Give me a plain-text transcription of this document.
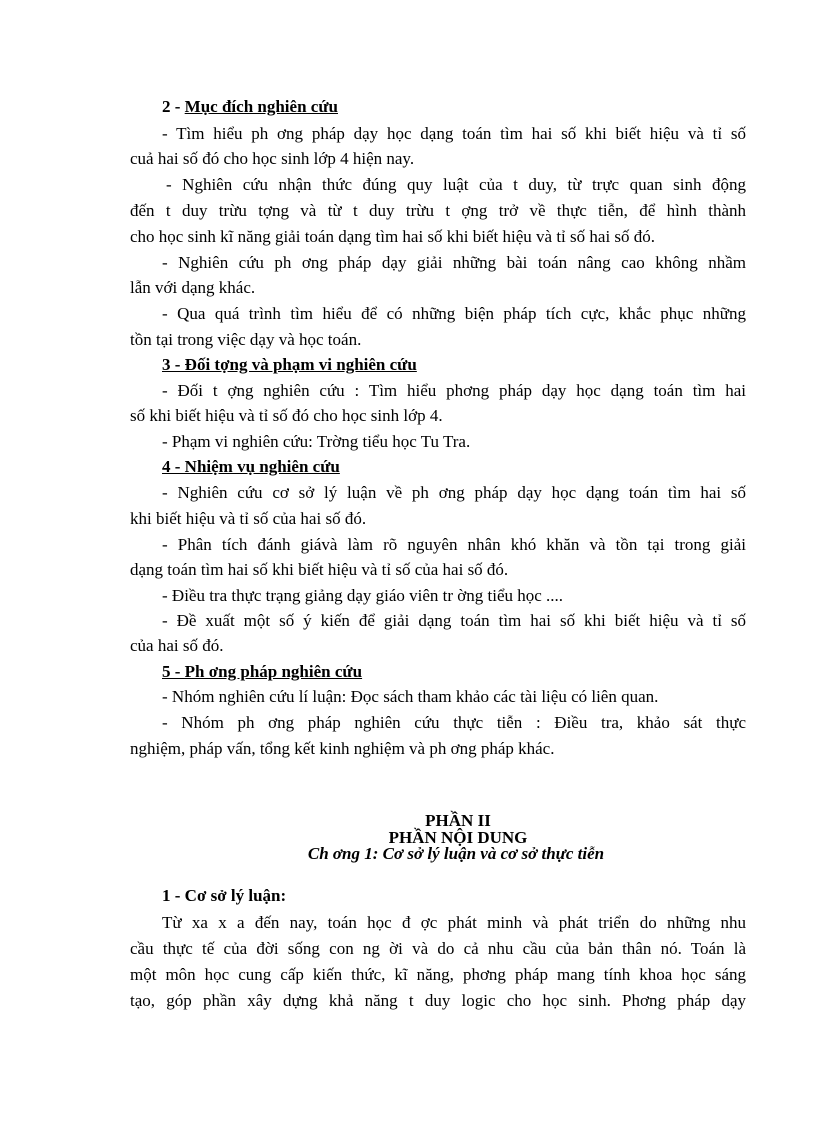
2 - Mục đích nghiên cứu
- Tìm hiểu ph ơng pháp dạy học dạng toán tìm hai số khi biết hiệu và tỉ số
cuả hai số đó cho học sinh lớp 4 hiện nay.
- Nghiên cứu nhận thức đúng quy luật của t duy, từ trực quan sinh động
đến t duy trừu tợng và từ t duy trừu t ợng trở về thực tiễn, để hình thành
cho học sinh kĩ năng giải toán dạng tìm hai số khi biết hiệu và tỉ số hai số đó.
- Nghiên cứu ph ơng pháp dạy giải những bài toán nâng cao không nhầm
lẫn với dạng khác.
- Qua quá trình tìm hiểu để có những biện pháp tích cực, khắc phục những
tồn tại trong việc dạy và học toán.
3 - Đối tợng và phạm vi nghiên cứu
- Đối t ợng nghiên cứu : Tìm hiểu phơng pháp dạy học dạng toán tìm hai
số khi biết hiệu và tỉ số đó cho học sinh lớp 4.
- Phạm vi nghiên cứu: Trờng tiểu học Tu Tra.
4 - Nhiệm vụ nghiên cứu
- Nghiên cứu cơ sở lý luận về ph ơng pháp dạy học dạng toán tìm hai số
khi biết hiệu và tỉ số của hai số đó.
- Phân tích đánh giávà làm rõ nguyên nhân khó khăn và tồn tại trong giải
dạng toán tìm hai số khi biết hiệu và tỉ số của hai số đó.
- Điều tra thực trạng giảng dạy giáo viên tr ờng tiểu học ....
- Đề xuất một số ý kiến để giải dạng toán tìm hai số khi biết hiệu và tỉ số
của hai số đó.
5 - Ph ơng pháp nghiên cứu
- Nhóm nghiên cứu lí luận: Đọc sách tham khảo các tài liệu có liên quan.
- Nhóm ph ơng pháp nghiên cứu thực tiễn : Điều tra, khảo sát thực
nghiệm, pháp vấn, tổng kết kinh nghiệm và ph ơng pháp khác.
PHẦN II
PHẦN NỘI DUNG
Ch ơng 1: Cơ sở lý luận và cơ sở thực tiễn
1 - Cơ sở lý luận:
Từ xa x a đến nay, toán học đ ợc phát minh và phát triển do những nhu
cầu thực tế của đời sống con ng ời và do cả nhu cầu của bản thân nó. Toán là
một môn học cung cấp kiến thức, kĩ năng, phơng pháp mang tính khoa học sáng
tạo, góp phần xây dựng khả năng t duy logic cho học sinh. Phơng pháp dạy
